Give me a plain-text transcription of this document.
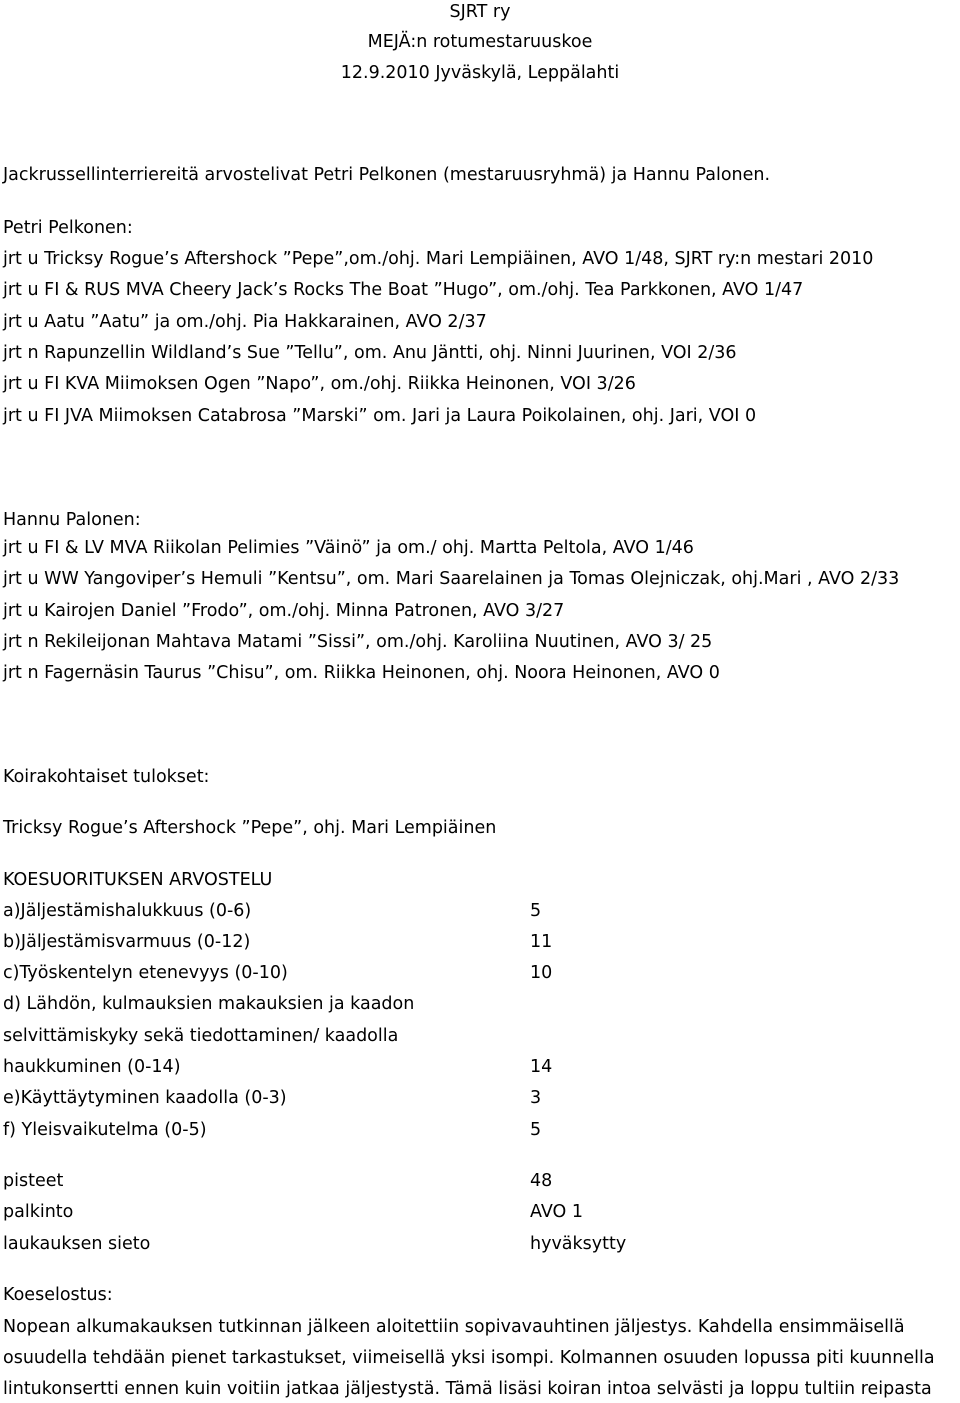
SJRT ry
MEJÄ:n rotumestaruuskoe
12.9.2010 Jyväskylä, Leppälahti
Jackrussellinterriereitä arvostelivat Petri Pelkonen (mestaruusryhmä) ja Hannu Palonen.
Petri Pelkonen:
jrt u Tricksy Rogue’s Aftershock ”Pepe”,om./ohj. Mari Lempiäinen, AVO 1/48, SJRT ry:n mestari 2010
jrt u FI & RUS MVA Cheery Jack’s Rocks The Boat ”Hugo”, om./ohj. Tea Parkkonen, AVO 1/47
jrt u Aatu ”Aatu” ja om./ohj. Pia Hakkarainen, AVO 2/37
jrt n Rapunzellin Wildland’s Sue ”Tellu”, om. Anu Jäntti, ohj. Ninni Juurinen, VOI 2/36
jrt u FI KVA Miimoksen Ogen ”Napo”, om./ohj. Riikka Heinonen, VOI 3/26
jrt u FI JVA Miimoksen Catabrosa ”Marski” om. Jari ja Laura Poikolainen, ohj. Jari, VOI 0
Hannu Palonen:
jrt u FI & LV MVA Riikolan Pelimies ”Väinö” ja om./ ohj. Martta Peltola, AVO 1/46
jrt u WW Yangoviper’s Hemuli ”Kentsu”, om. Mari Saarelainen ja Tomas Olejniczak, ohj.Mari , AVO 2/33
jrt u Kairojen Daniel ”Frodo”, om./ohj. Minna Patronen, AVO 3/27
jrt n Rekileijonan Mahtava Matami ”Sissi”, om./ohj. Karoliina Nuutinen, AVO 3/ 25
jrt n Fagernäsin Taurus ”Chisu”, om. Riikka Heinonen, ohj. Noora Heinonen, AVO 0
Koirakohtaiset tulokset:
Tricksy Rogue’s Aftershock ”Pepe”, ohj. Mari Lempiäinen
KOESUORITUKSEN ARVOSTELU
a)Jäljestämishalukkuus (0-6)	5
b)Jäljestämisvarmuus (0-12)	11
c)Työskentelyn etenevyys (0-10)	10
d) Lähdön, kulmauksien makauksien ja kaadon
selvittämiskyky sekä tiedottaminen/ kaadolla
haukkuminen (0-14)	14
e)Käyttäytyminen kaadolla (0-3)	3
f) Yleisvaikutelma (0-5)	5
pisteet	48
palkinto	AVO 1
laukauksen sieto	hyväksytty
Koeselostus:
Nopean alkumakauksen tutkinnan jälkeen aloitettiin sopivavauhtinen jäljestys. Kahdella ensimmäisellä
osuudella tehdään pienet tarkastukset, viimeisellä yksi isompi. Kolmannen osuuden lopussa piti kuunnella
lintukonsertti ennen kuin voitiin jatkaa jäljestystä. Tämä lisäsi koiran intoa selvästi ja loppu tultiin reipasta
